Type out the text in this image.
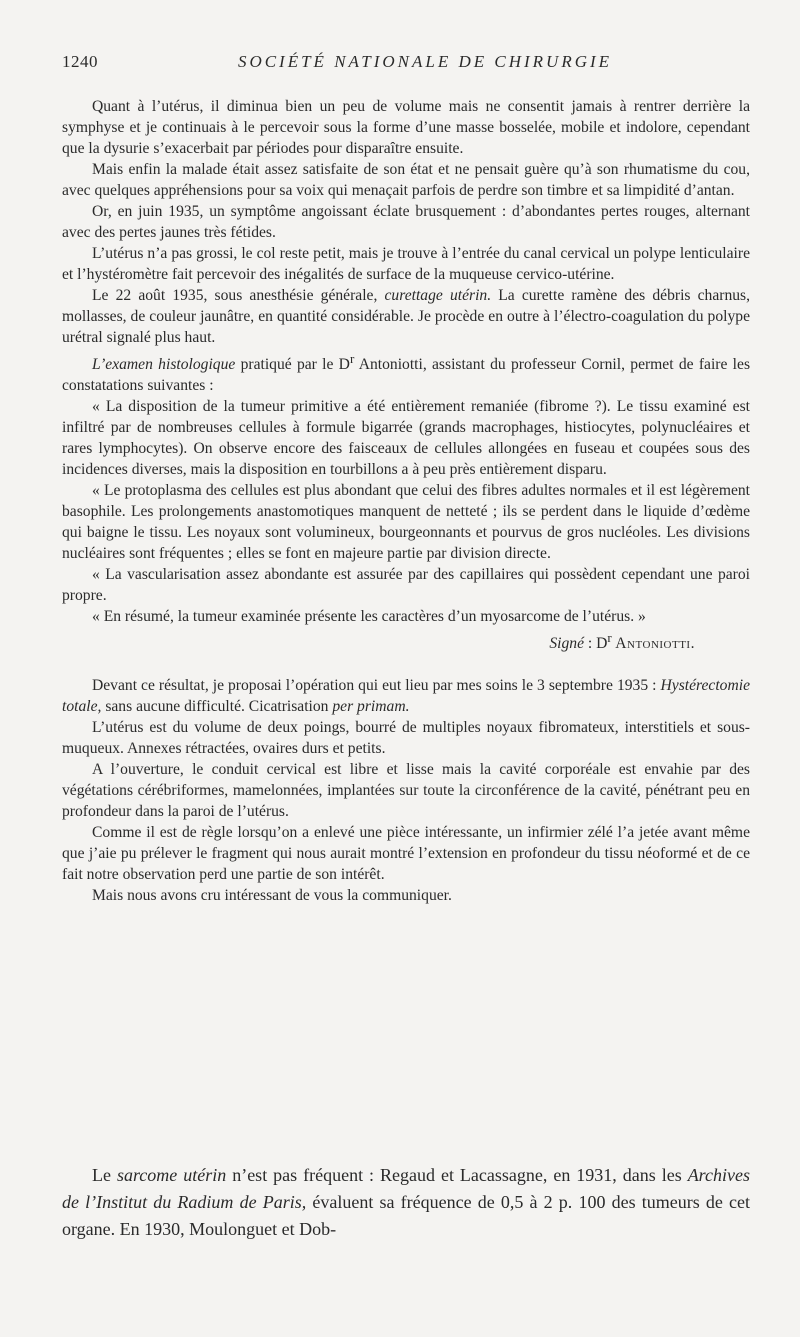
1240	SOCIÉTÉ NATIONALE DE CHIRURGIE

Quant à l’utérus, il diminua bien un peu de volume mais ne consentit jamais à rentrer derrière la symphyse et je continuais à le percevoir sous la forme d’une masse bosselée, mobile et indolore, cependant que la dysurie s’exacerbait par périodes pour disparaître ensuite.

Mais enfin la malade était assez satisfaite de son état et ne pensait guère qu’à son rhumatisme du cou, avec quelques appréhensions pour sa voix qui menaçait parfois de perdre son timbre et sa limpidité d’antan.

Or, en juin 1935, un symptôme angoissant éclate brusquement : d’abondantes pertes rouges, alternant avec des pertes jaunes très fétides.

L’utérus n’a pas grossi, le col reste petit, mais je trouve à l’entrée du canal cervical un polype lenticulaire et l’hystéromètre fait percevoir des inégalités de surface de la muqueuse cervico-utérine.

Le 22 août 1935, sous anesthésie générale, curettage utérin. La curette ramène des débris charnus, mollasses, de couleur jaunâtre, en quantité considérable. Je procède en outre à l’électro-coagulation du polype urétral signalé plus haut.

L’examen histologique pratiqué par le $D^r$ Antoniotti, assistant du professeur Cornil, permet de faire les constatations suivantes :

« La disposition de la tumeur primitive a été entièrement remaniée (fibrome ?). Le tissu examiné est infiltré par de nombreuses cellules à formule bigarrée (grands macrophages, histiocytes, polynucléaires et rares lymphocytes). On observe encore des faisceaux de cellules allongées en fuseau et coupées sous des incidences diverses, mais la disposition en tourbillons a à peu près entièrement disparu.

« Le protoplasma des cellules est plus abondant que celui des fibres adultes normales et il est légèrement basophile. Les prolongements anastomotiques manquent de netteté ; ils se perdent dans le liquide d’œdème qui baigne le tissu. Les noyaux sont volumineux, bourgeonnants et pourvus de gros nucléoles. Les divisions nucléaires sont fréquentes ; elles se font en majeure partie par division directe.

« La vascularisation assez abondante est assurée par des capillaires qui possèdent cependant une paroi propre.

« En résumé, la tumeur examinée présente les caractères d’un myosarcome de l’utérus. »

Signé : $D^r$ Antoniotti.

Devant ce résultat, je proposai l’opération qui eut lieu par mes soins le 3 septembre 1935 : Hystérectomie totale, sans aucune difficulté. Cicatrisation per primam.

L’utérus est du volume de deux poings, bourré de multiples noyaux fibromateux, interstitiels et sous-muqueux. Annexes rétractées, ovaires durs et petits.

A l’ouverture, le conduit cervical est libre et lisse mais la cavité corporéale est envahie par des végétations cérébriformes, mamelonnées, implantées sur toute la circonférence de la cavité, pénétrant peu en profondeur dans la paroi de l’utérus.

Comme il est de règle lorsqu’on a enlevé une pièce intéressante, un infirmier zélé l’a jetée avant même que j’aie pu prélever le fragment qui nous aurait montré l’extension en profondeur du tissu néoformé et de ce fait notre observation perd une partie de son intérêt.

Mais nous avons cru intéressant de vous la communiquer.

Le sarcome utérin n’est pas fréquent : Regaud et Lacassagne, en 1931, dans les Archives de l’Institut du Radium de Paris, évaluent sa fréquence de 0,5 à 2 p. 100 des tumeurs de cet organe. En 1930, Moulonguet et Dob-
